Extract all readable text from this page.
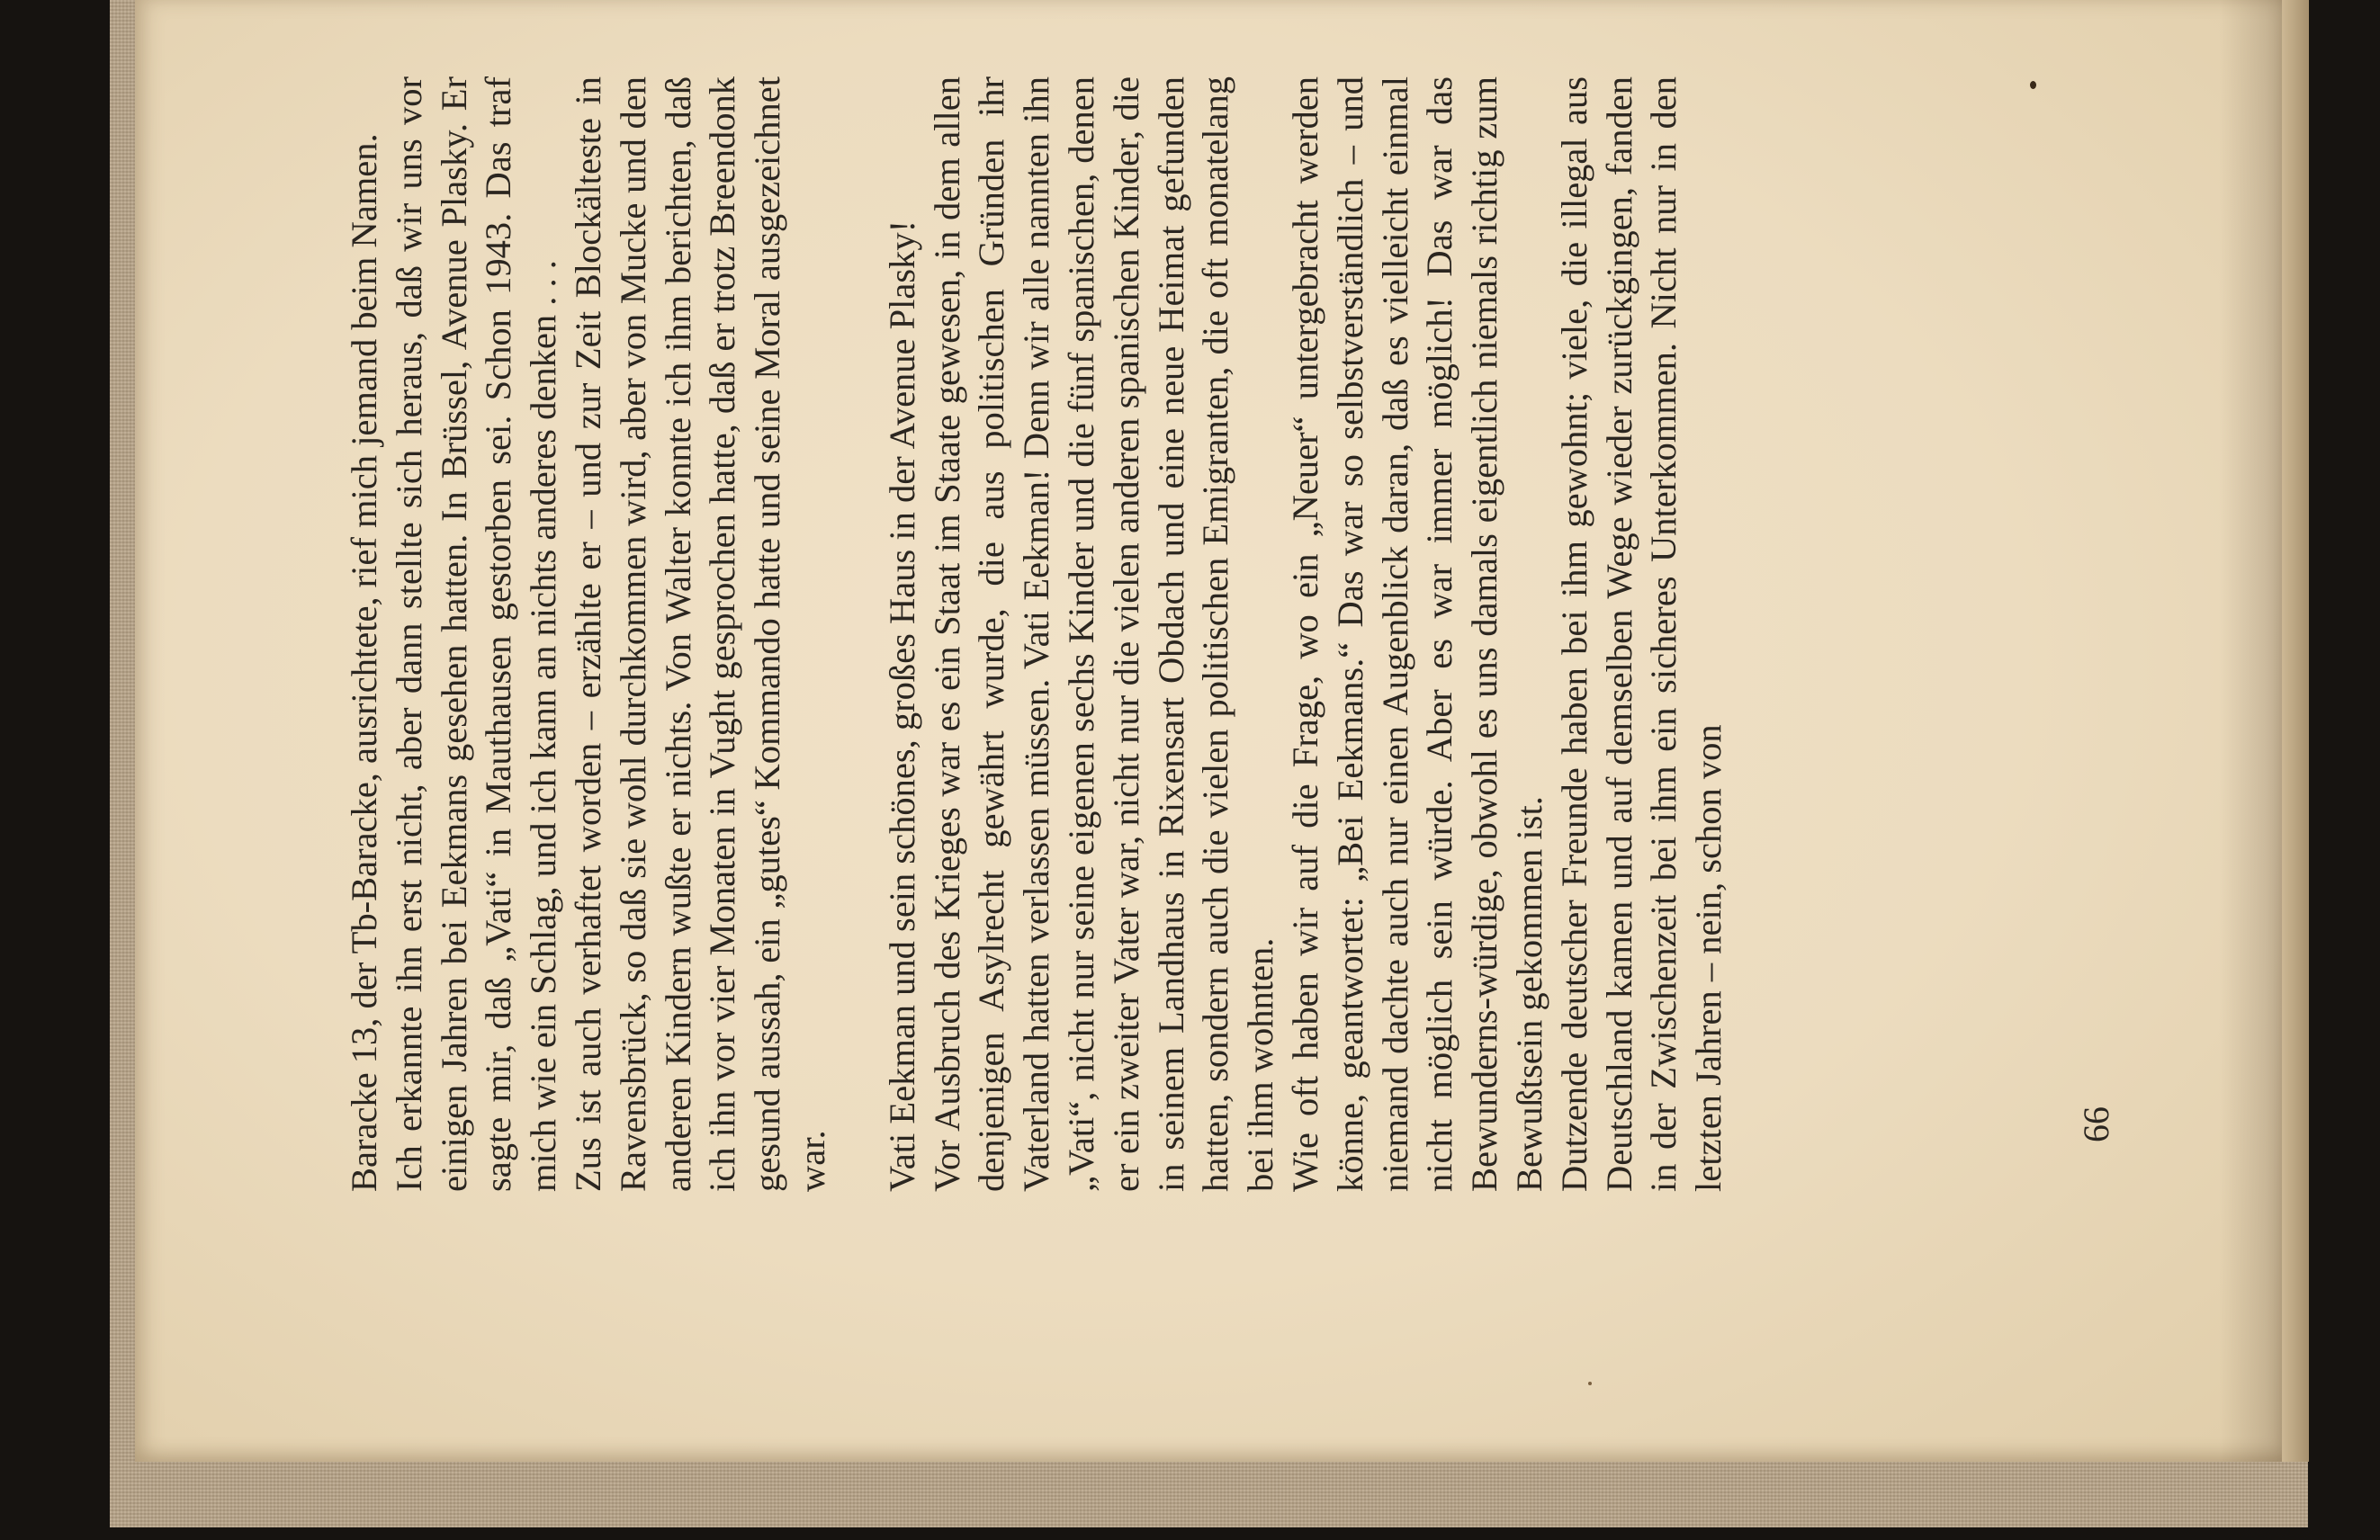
Baracke 13, der Tb-Baracke, ausrichtete, rief mich jemand beim Namen. Ich erkannte ihn erst nicht, aber dann stellte sich heraus, daß wir uns vor einigen Jahren bei Eekmans gesehen hatten. In Brüssel, Avenue Plasky. Er sagte mir, daß „Vati“ in Mauthausen gestorben sei. Schon 1943. Das traf mich wie ein Schlag, und ich kann an nichts anderes denken . . . Zus ist auch verhaftet worden – erzählte er – und zur Zeit Blockälteste in Ravensbrück, so daß sie wohl durchkommen wird, aber von Mucke und den anderen Kindern wußte er nichts. Von Walter konnte ich ihm berichten, daß ich ihn vor vier Monaten in Vught gesprochen hatte, daß er trotz Breendonk gesund aussah, ein „gutes“ Kommando hatte und seine Moral ausgezeichnet war. Vati Eekman und sein schönes, großes Haus in der Avenue Plasky! Vor Ausbruch des Krieges war es ein Staat im Staate gewesen, in dem allen denjenigen Asylrecht gewährt wurde, die aus politischen Gründen ihr Vaterland hatten verlassen müssen. Vati Eekman! Denn wir alle nannten ihn „Vati“, nicht nur seine eigenen sechs Kinder und die fünf spanischen, denen er ein zweiter Vater war, nicht nur die vielen anderen spanischen Kinder, die in seinem Landhaus in Rixensart Obdach und eine neue Heimat gefunden hatten, sondern auch die vielen politischen Emigranten, die oft monatelang bei ihm wohnten. Wie oft haben wir auf die Frage, wo ein „Neuer“ untergebracht werden könne, geantwortet: „Bei Eekmans.“ Das war so selbstverständlich – und niemand dachte auch nur einen Augenblick daran, daß es vielleicht einmal nicht möglich sein würde. Aber es war immer möglich! Das war das Bewunderns-würdige, obwohl es uns damals eigentlich niemals richtig zum Bewußtsein gekommen ist. Dutzende deutscher Freunde haben bei ihm gewohnt; viele, die illegal aus Deutschland kamen und auf demselben Wege wieder zurückgingen, fanden in der Zwischenzeit bei ihm ein sicheres Unterkommen. Nicht nur in den letzten Jahren – nein, schon von	66
